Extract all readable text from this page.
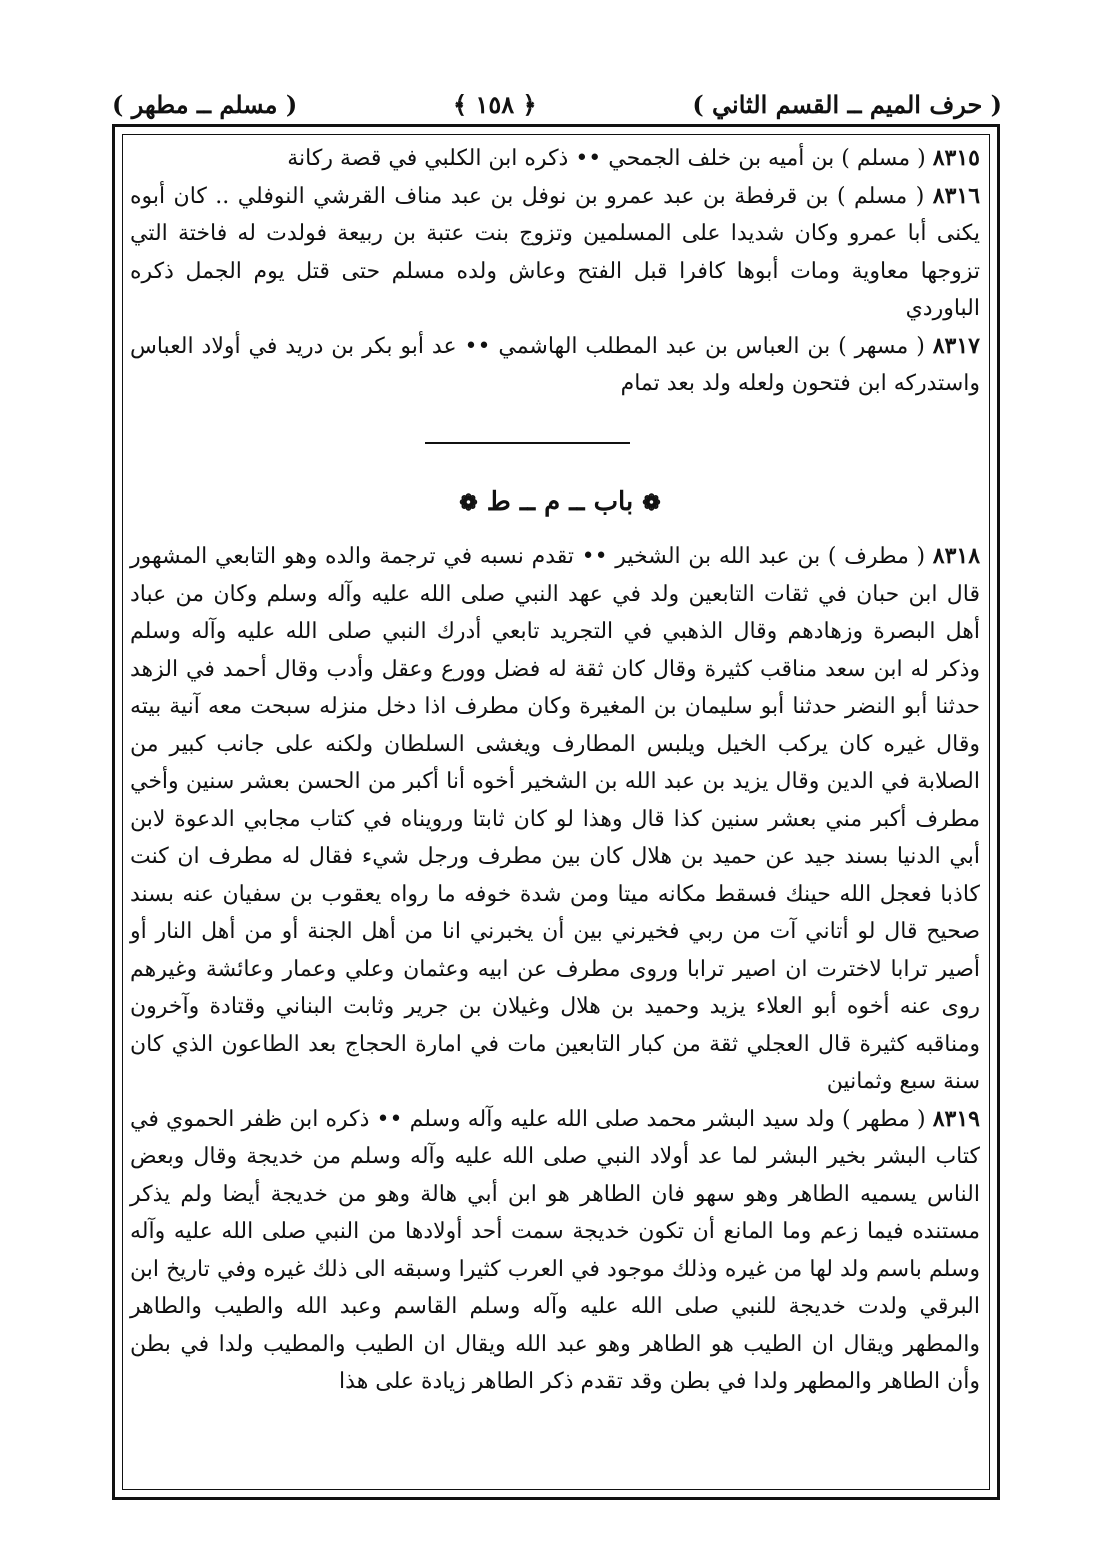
( حرف الميم ــ القسم الثاني )
﴿ ١٥٨ ﴾
( مسلم ــ مطهر )

٨٣١٥ ( مسلم ) بن أميه بن خلف الجمحي •• ذكره ابن الكلبي في قصة ركانة

٨٣١٦ ( مسلم ) بن قرفطة بن عبد عمرو بن نوفل بن عبد مناف القرشي النوفلي .. كان أبوه يكنى أبا عمرو وكان شديدا على المسلمين وتزوج بنت عتبة بن ربيعة فولدت له فاختة التي تزوجها معاوية ومات أبوها كافرا قبل الفتح وعاش ولده مسلم حتى قتل يوم الجمل ذكره الباوردي

٨٣١٧ ( مسهر ) بن العباس بن عبد المطلب الهاشمي •• عد أبو بكر بن دريد في أولاد العباس واستدركه ابن فتحون ولعله ولد بعد تمام

❁ باب ــ م ــ ط ❁

٨٣١٨ ( مطرف ) بن عبد الله بن الشخير •• تقدم نسبه في ترجمة والده وهو التابعي المشهور قال ابن حبان في ثقات التابعين ولد في عهد النبي صلى الله عليه وآله وسلم وكان من عباد أهل البصرة وزهادهم وقال الذهبي في التجريد تابعي أدرك النبي صلى الله عليه وآله وسلم وذكر له ابن سعد مناقب كثيرة وقال كان ثقة له فضل وورع وعقل وأدب وقال أحمد في الزهد حدثنا أبو النضر حدثنا أبو سليمان بن المغيرة وكان مطرف اذا دخل منزله سبحت معه آنية بيته وقال غيره كان يركب الخيل ويلبس المطارف ويغشى السلطان ولكنه على جانب كبير من الصلابة في الدين وقال يزيد بن عبد الله بن الشخير أخوه أنا أكبر من الحسن بعشر سنين وأخي مطرف أكبر مني بعشر سنين كذا قال وهذا لو كان ثابتا ورويناه في كتاب مجابي الدعوة لابن أبي الدنيا بسند جيد عن حميد بن هلال كان بين مطرف ورجل شيء فقال له مطرف ان كنت كاذبا فعجل الله حينك فسقط مكانه ميتا ومن شدة خوفه ما رواه يعقوب بن سفيان عنه بسند صحيح قال لو أتاني آت من ربي فخيرني بين أن يخبرني انا من أهل الجنة أو من أهل النار أو أصير ترابا لاخترت ان اصير ترابا وروى مطرف عن ابيه وعثمان وعلي وعمار وعائشة وغيرهم روى عنه أخوه أبو العلاء يزيد وحميد بن هلال وغيلان بن جرير وثابت البناني وقتادة وآخرون ومناقبه كثيرة قال العجلي ثقة من كبار التابعين مات في امارة الحجاج بعد الطاعون الذي كان سنة سبع وثمانين

٨٣١٩ ( مطهر ) ولد سيد البشر محمد صلى الله عليه وآله وسلم •• ذكره ابن ظفر الحموي في كتاب البشر بخير البشر لما عد أولاد النبي صلى الله عليه وآله وسلم من خديجة وقال وبعض الناس يسميه الطاهر وهو سهو فان الطاهر هو ابن أبي هالة وهو من خديجة أيضا ولم يذكر مستنده فيما زعم وما المانع أن تكون خديجة سمت أحد أولادها من النبي صلى الله عليه وآله وسلم باسم ولد لها من غيره وذلك موجود في العرب كثيرا وسبقه الى ذلك غيره وفي تاريخ ابن البرقي ولدت خديجة للنبي صلى الله عليه وآله وسلم القاسم وعبد الله والطيب والطاهر والمطهر ويقال ان الطيب هو الطاهر وهو عبد الله ويقال ان الطيب والمطيب ولدا في بطن وأن الطاهر والمطهر ولدا في بطن وقد تقدم ذكر الطاهر زيادة على هذا
